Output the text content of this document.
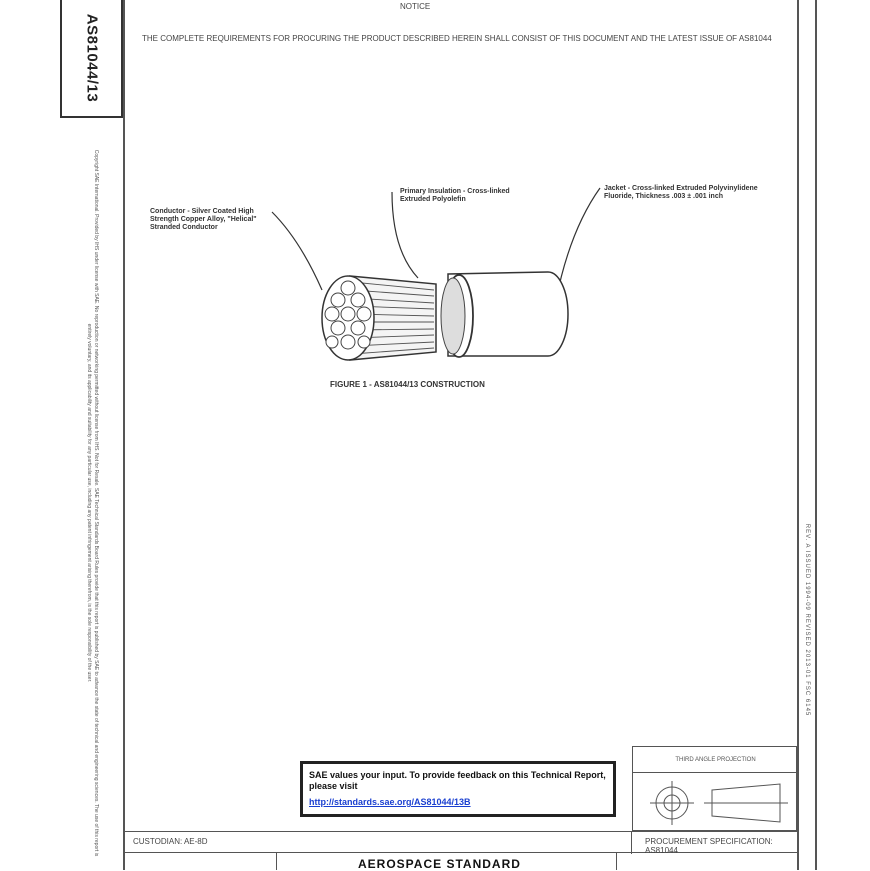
AS81044/13
Copyright SAE International. Provided by IHS under license with SAE. No reproduction or networking permitted without license from IHS. Not for Resale. SAE Technical Standards Board Rules provide that this report is published by SAE to advance the state of technical and engineering sciences. The use of this report is entirely voluntary, and its applicability and suitability for any particular use, including any patent infringement arising therefrom, is the sole responsibility of the user.	REV. A ISSUED 1994-09 REVISED 2013-01 FSC 6145
NOTICE
THE COMPLETE REQUIREMENTS FOR PROCURING THE PRODUCT DESCRIBED HEREIN SHALL CONSIST OF THIS DOCUMENT AND THE LATEST ISSUE OF AS81044
Conductor - Silver Coated High Strength Copper Alloy, "Helical" Stranded Conductor
Primary Insulation - Cross-linked Extruded Polyolefin
Jacket - Cross-linked Extruded Polyvinylidene Fluoride, Thickness .003 ± .001 inch
FIGURE 1 - AS81044/13 CONSTRUCTION
SAE values your input. To provide feedback on this Technical Report, please visit
http://standards.sae.org/AS81044/13B
THIRD ANGLE PROJECTION
CUSTODIAN: AE-8D	PROCUREMENT SPECIFICATION: AS81044
AEROSPACE STANDARD
